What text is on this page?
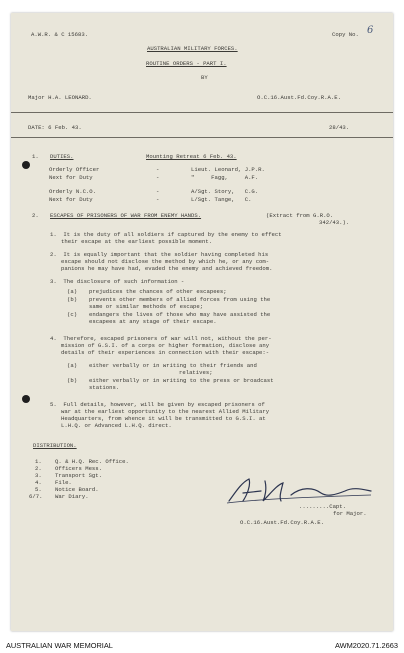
A.W.R. & C 15683.	Copy No. 6
AUSTRALIAN MILITARY FORCES.
ROUTINE ORDERS - PART I.
BY
Major H.A. LEONARD.	O.C.16.Aust.Fd.Coy.R.A.E.
DATE: 6 Feb. 43.	28/43.
1. DUTIES.	Mounting Retreat 6 Feb. 43.
Orderly Officer	-	Lieut. Leonard, J.P.R.
Next for Duty	-	"     Fagg,     A.F.
Orderly N.C.O.	-	A/Sgt. Story,   C.G.
Next for Duty	-	L/Sgt. Tange,   C.
2. ESCAPES OF PRISONERS OF WAR FROM ENEMY HANDS.	(Extract from G.R.O.
342/43.).
1.  It is the duty of all soldiers if captured by the enemy to effect
their escape at the earliest possible moment.
2.  It is equally important that the soldier having completed his
escape should not disclose the method by which he, or any com-
panions he may have had, evaded the enemy and achieved freedom.
3.  The disclosure of such information -
(a) prejudices the chances of other escapees;
(b) prevents other members of allied forces from using the
same or similar methods of escape;
(c) endangers the lives of those who may have assisted the
escapees at any stage of their escape.
4.  Therefore, escaped prisoners of war will not, without the per-
mission of G.S.I. of a corps or higher formation, disclose any
details of their experiences in connection with their escape:-
(a) either verbally or in writing to their friends and
relatives;
(b) either verbally or in writing to the press or broadcast
stations.
5.  Full details, however, will be given by escaped prisoners of
war at the earliest opportunity to the nearest Allied Military
Headquarters, from whence it will be transmitted to G.S.I. at
L.H.Q. or Advanced L.H.Q. direct.
DISTRIBUTION.
1. Q. & H.Q. Rec. Office.
2. Officers Mess.
3. Transport Sgt.
4. File.
5. Notice Board.
6/7. War Diary.
.........Capt.
for Major.
O.C.16.Aust.Fd.Coy.R.A.E.
AUSTRALIAN WAR MEMORIAL	AWM2020.71.2663
